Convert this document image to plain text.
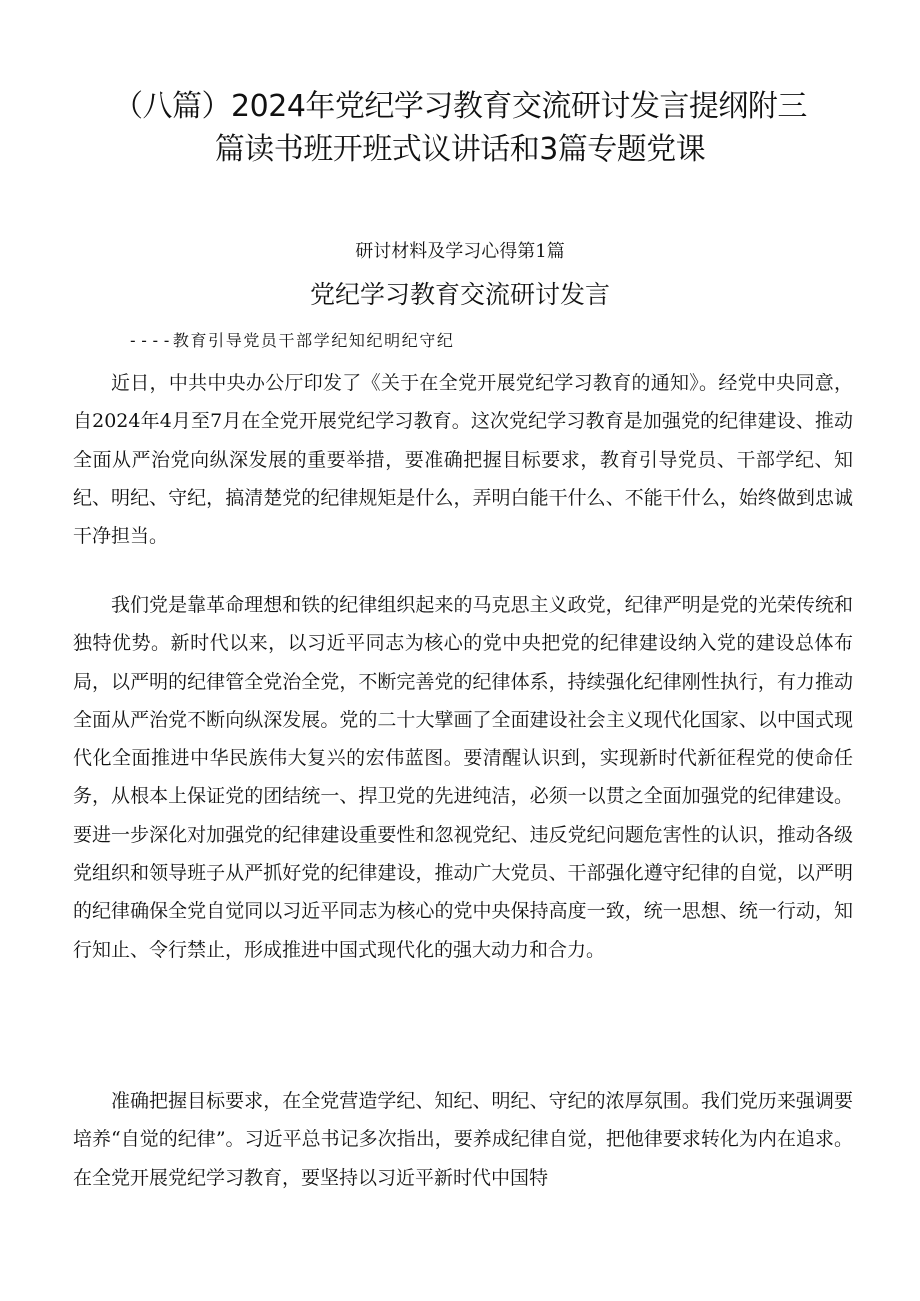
（八篇）2024年党纪学习教育交流研讨发言提纲附三
篇读书班开班式议讲话和3篇专题党课
研讨材料及学习心得第1篇
党纪学习教育交流研讨发言
----教育引导党员干部学纪知纪明纪守纪

近日，中共中央办公厅印发了《关于在全党开展党纪学习教育的通知》。经党中央同意，自2024年4月至7月在全党开展党纪学习教育。这次党纪学习教育是加强党的纪律建设、推动全面从严治党向纵深发展的重要举措，要准确把握目标要求，教育引导党员、干部学纪、知纪、明纪、守纪，搞清楚党的纪律规矩是什么，弄明白能干什么、不能干什么，始终做到忠诚干净担当。

我们党是靠革命理想和铁的纪律组织起来的马克思主义政党，纪律严明是党的光荣传统和独特优势。新时代以来，以习近平同志为核心的党中央把党的纪律建设纳入党的建设总体布局，以严明的纪律管全党治全党，不断完善党的纪律体系，持续强化纪律刚性执行，有力推动全面从严治党不断向纵深发展。党的二十大擘画了全面建设社会主义现代化国家、以中国式现代化全面推进中华民族伟大复兴的宏伟蓝图。要清醒认识到，实现新时代新征程党的使命任务，从根本上保证党的团结统一、捍卫党的先进纯洁，必须一以贯之全面加强党的纪律建设。要进一步深化对加强党的纪律建设重要性和忽视党纪、违反党纪问题危害性的认识，推动各级党组织和领导班子从严抓好党的纪律建设，推动广大党员、干部强化遵守纪律的自觉，以严明的纪律确保全党自觉同以习近平同志为核心的党中央保持高度一致，统一思想、统一行动，知行知止、令行禁止，形成推进中国式现代化的强大动力和合力。

准确把握目标要求，在全党营造学纪、知纪、明纪、守纪的浓厚氛围。我们党历来强调要培养“自觉的纪律”。习近平总书记多次指出，要养成纪律自觉，把他律要求转化为内在追求。在全党开展党纪学习教育，要坚持以习近平新时代中国特
